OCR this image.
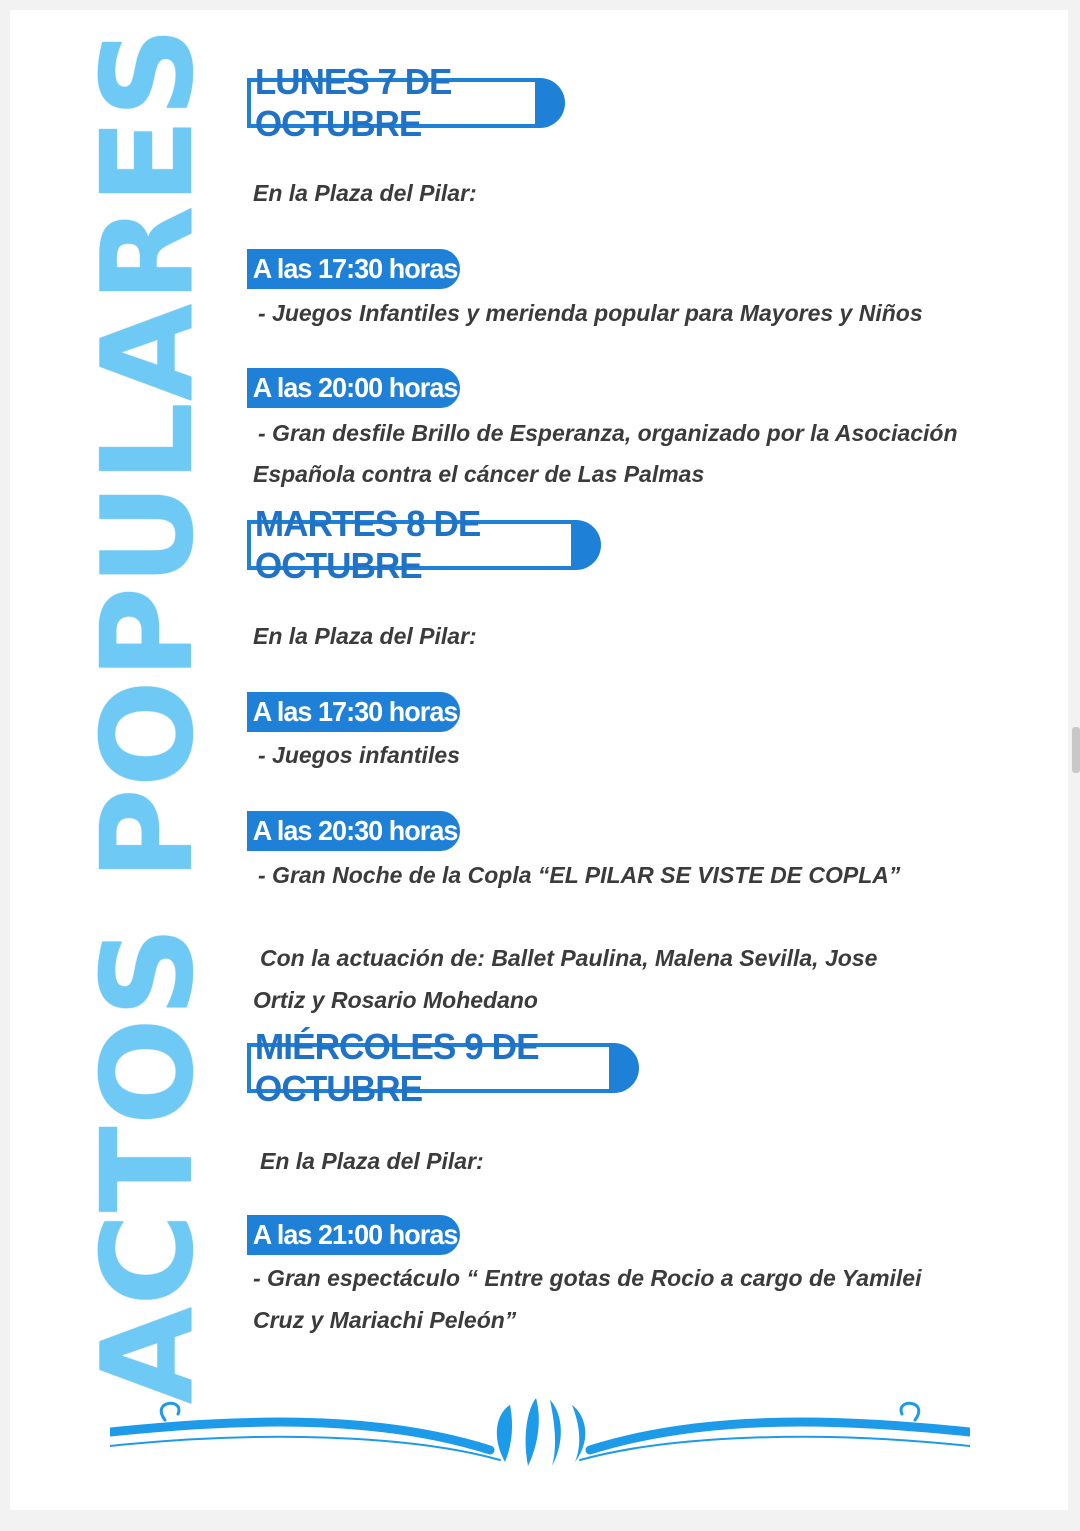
ACTOS POPULARES LUNES 7 DE OCTUBRE
En la Plaza del Pilar:
A las 17:30 horas
- Juegos Infantiles y merienda popular para Mayores y Niños
A las 20:00 horas
- Gran desfile Brillo de Esperanza, organizado por la Asociación
Española contra el cáncer de Las Palmas
MARTES 8 DE OCTUBRE
En la Plaza del Pilar:
A las 17:30 horas
- Juegos infantiles
A las 20:30 horas
- Gran Noche de la Copla “EL PILAR SE VISTE DE COPLA”
Con la actuación de: Ballet Paulina, Malena Sevilla, Jose
Ortiz y Rosario Mohedano
MIÉRCOLES 9 DE OCTUBRE
En la Plaza del Pilar:
A las 21:00 horas
- Gran espectáculo “ Entre gotas de Rocio a cargo de Yamilei
Cruz y Mariachi Peleón”
